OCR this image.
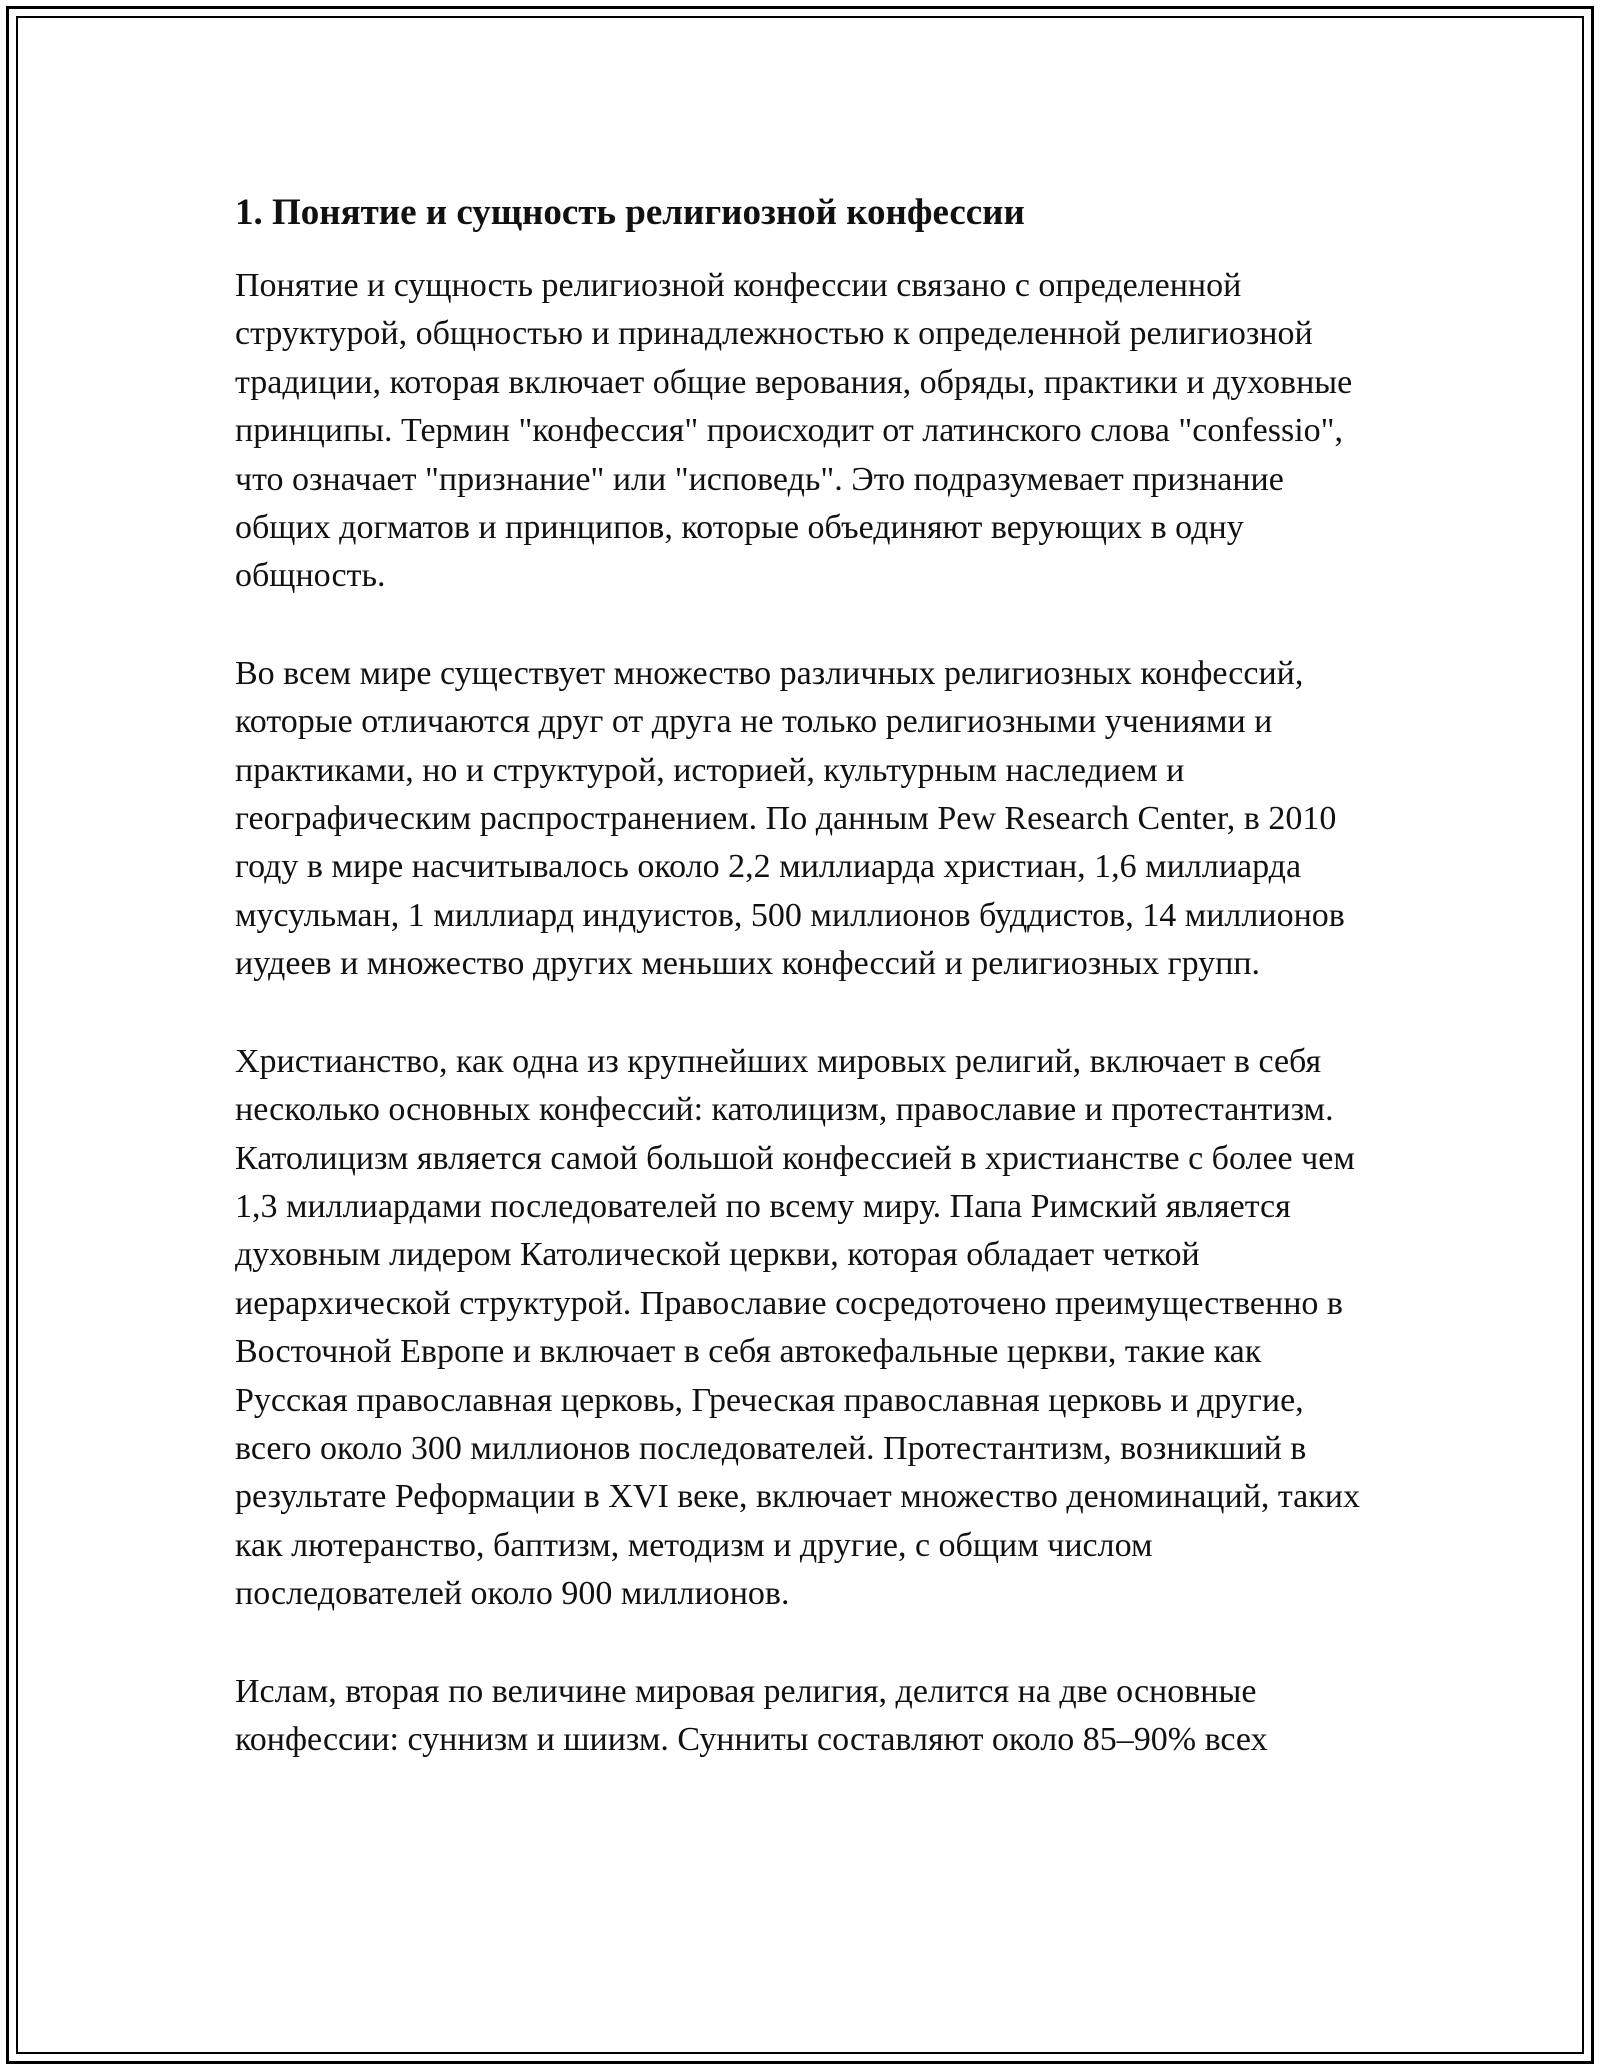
1. Понятие и сущность религиозной конфессии

Понятие и сущность религиозной конфессии связано с определенной структурой, общностью и принадлежностью к определенной религиозной традиции, которая включает общие верования, обряды, практики и духовные принципы. Термин "конфессия" происходит от латинского слова "confessio", что означает "признание" или "исповедь". Это подразумевает признание общих догматов и принципов, которые объединяют верующих в одну общность.

Во всем мире существует множество различных религиозных конфессий, которые отличаются друг от друга не только религиозными учениями и практиками, но и структурой, историей, культурным наследием и географическим распространением. По данным Pew Research Center, в 2010 году в мире насчитывалось около 2,2 миллиарда христиан, 1,6 миллиарда мусульман, 1 миллиард индуистов, 500 миллионов буддистов, 14 миллионов иудеев и множество других меньших конфессий и религиозных групп.

Христианство, как одна из крупнейших мировых религий, включает в себя несколько основных конфессий: католицизм, православие и протестантизм. Католицизм является самой большой конфессией в христианстве с более чем 1,3 миллиардами последователей по всему миру. Папа Римский является духовным лидером Католической церкви, которая обладает четкой иерархической структурой. Православие сосредоточено преимущественно в Восточной Европе и включает в себя автокефальные церкви, такие как Русская православная церковь, Греческая православная церковь и другие, всего около 300 миллионов последователей. Протестантизм, возникший в результате Реформации в XVI веке, включает множество деноминаций, таких как лютеранство, баптизм, методизм и другие, с общим числом последователей около 900 миллионов.

Ислам, вторая по величине мировая религия, делится на две основные конфессии: суннизм и шиизм. Сунниты составляют около 85–90% всех
